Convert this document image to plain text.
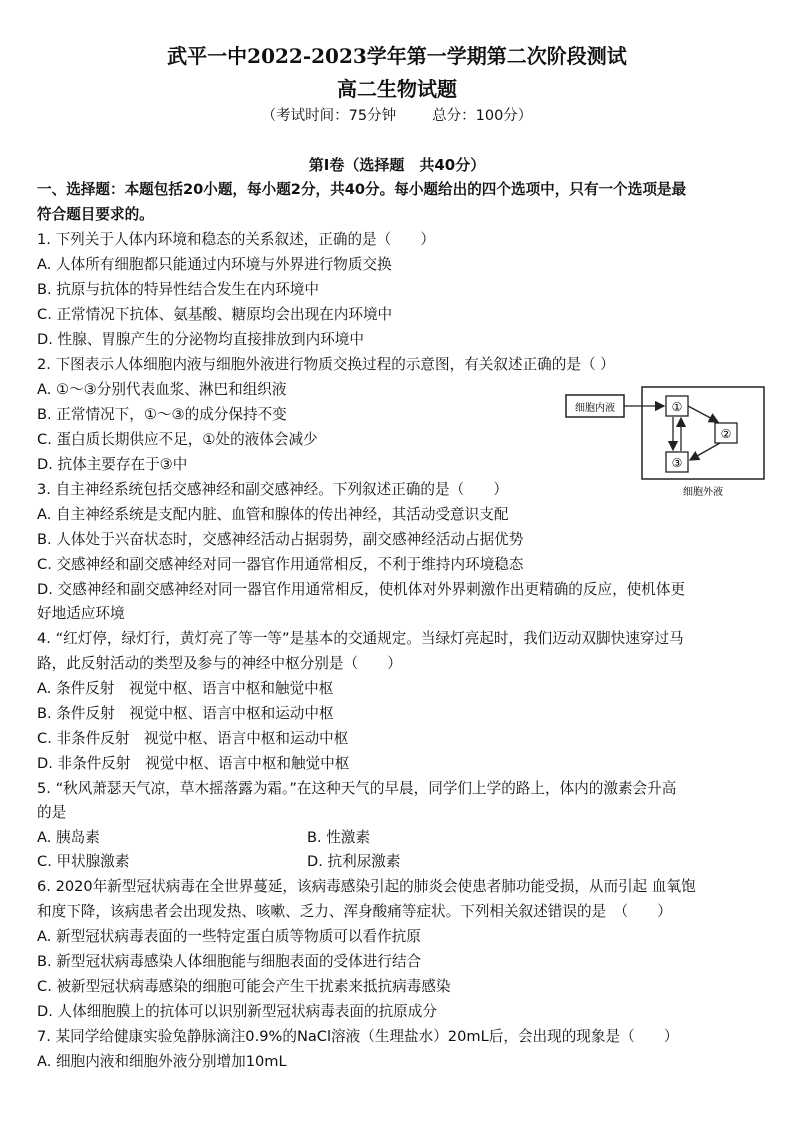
武平一中2022-2023学年第一学期第二次阶段测试
高二生物试题
（考试时间：75分钟 总分：100分）
第Ⅰ卷（选择题　共40分）
一、选择题：本题包括20小题，每小题2分，共40分。每小题给出的四个选项中，只有一个选项是最
符合题目要求的。
1. 下列关于人体内环境和稳态的关系叙述，正确的是（　　）
A. 人体所有细胞都只能通过内环境与外界进行物质交换
B. 抗原与抗体的特异性结合发生在内环境中
C. 正常情况下抗体、氨基酸、糖原均会出现在内环境中
D. 性腺、胃腺产生的分泌物均直接排放到内环境中
2. 下图表示人体细胞内液与细胞外液进行物质交换过程的示意图，有关叙述正确的是（ ）
A. ①～③分别代表血浆、淋巴和组织液
B. 正常情况下，①～③的成分保持不变
C. 蛋白质长期供应不足，①处的液体会减少
D. 抗体主要存在于③中
细胞内液	①
②
③
细胞外液
3. 自主神经系统包括交感神经和副交感神经。下列叙述正确的是（　　）
A. 自主神经系统是支配内脏、血管和腺体的传出神经，其活动受意识支配
B. 人体处于兴奋状态时，交感神经活动占据弱势，副交感神经活动占据优势
C. 交感神经和副交感神经对同一器官作用通常相反，不利于维持内环境稳态
D. 交感神经和副交感神经对同一器官作用通常相反，使机体对外界刺激作出更精确的反应，使机体更
好地适应环境
4. “红灯停，绿灯行，黄灯亮了等一等”是基本的交通规定。当绿灯亮起时，我们迈动双脚快速穿过马
路，此反射活动的类型及参与的神经中枢分别是（　　）
A. 条件反射　视觉中枢、语言中枢和触觉中枢
B. 条件反射　视觉中枢、语言中枢和运动中枢
C. 非条件反射　视觉中枢、语言中枢和运动中枢
D. 非条件反射　视觉中枢、语言中枢和触觉中枢
5. “秋风萧瑟天气凉，草木摇落露为霜。”在这种天气的早晨，同学们上学的路上，体内的激素会升高
的是
A. 胰岛素	B. 性激素
C. 甲状腺激素	D. 抗利尿激素
6. 2020年新型冠状病毒在全世界蔓延，该病毒感染引起的肺炎会使患者肺功能受损，从而引起 血氧饱
和度下降，该病患者会出现发热、咳嗽、乏力、浑身酸痛等症状。下列相关叙述错误的是　（　　）
A. 新型冠状病毒表面的一些特定蛋白质等物质可以看作抗原
B. 新型冠状病毒感染人体细胞能与细胞表面的受体进行结合
C. 被新型冠状病毒感染的细胞可能会产生干扰素来抵抗病毒感染
D. 人体细胞膜上的抗体可以识别新型冠状病毒表面的抗原成分
7. 某同学给健康实验兔静脉滴注0.9%的NaCl溶液（生理盐水）20mL后，会出现的现象是（　　）
A. 细胞内液和细胞外液分别增加10mL
